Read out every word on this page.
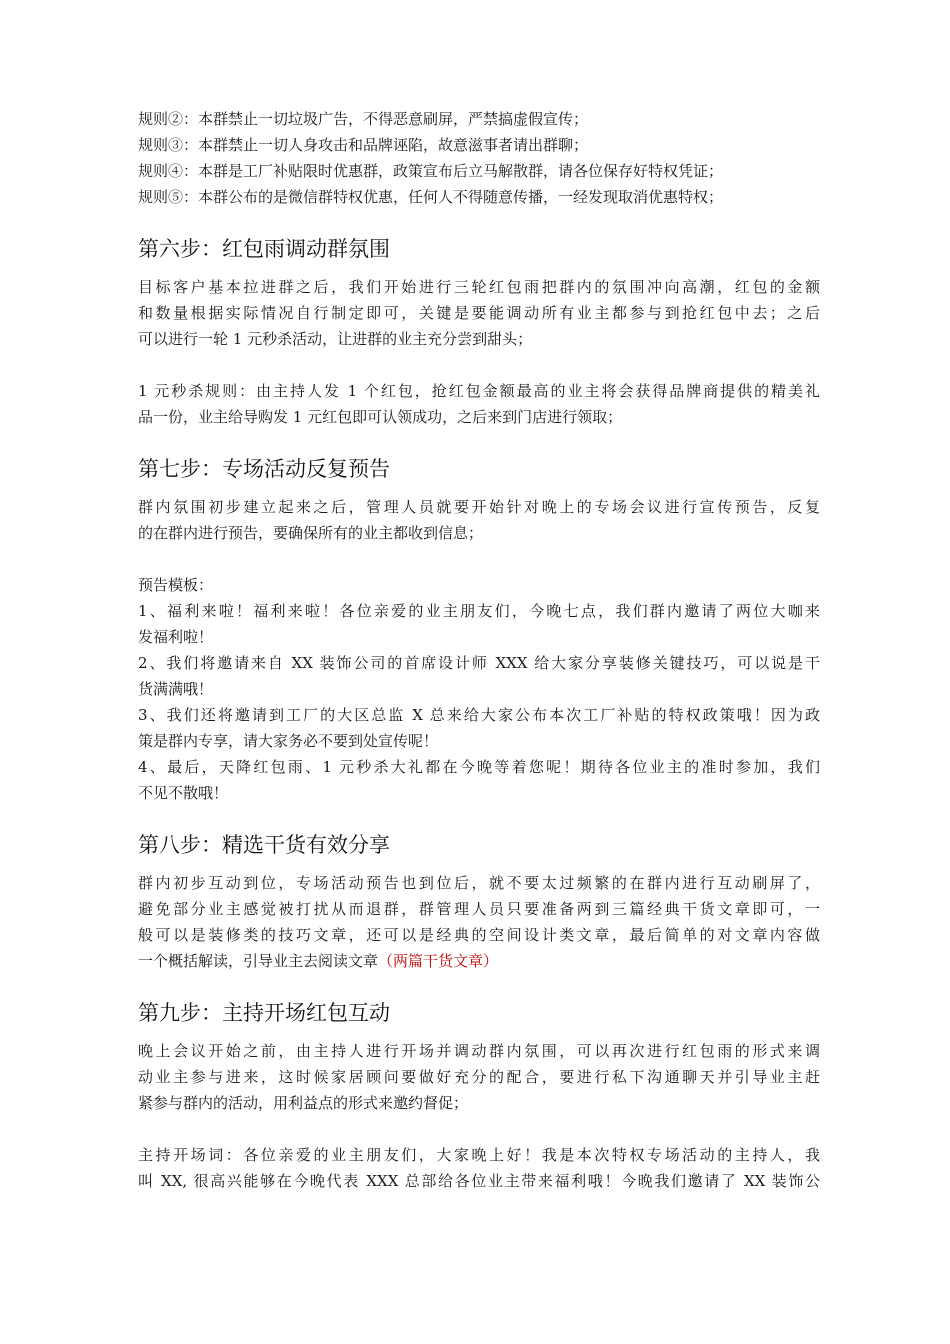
规则②：本群禁止一切垃圾广告，不得恶意刷屏，严禁搞虚假宣传；
规则③：本群禁止一切人身攻击和品牌诬陷，故意滋事者请出群聊；
规则④：本群是工厂补贴限时优惠群，政策宣布后立马解散群，请各位保存好特权凭证；
规则⑤：本群公布的是微信群特权优惠，任何人不得随意传播，一经发现取消优惠特权；
第六步：红包雨调动群氛围
目标客户基本拉进群之后，我们开始进行三轮红包雨把群内的氛围冲向高潮，红包的金额
和数量根据实际情况自行制定即可，关键是要能调动所有业主都参与到抢红包中去；之后
可以进行一轮 1 元秒杀活动，让进群的业主充分尝到甜头；
1 元秒杀规则：由主持人发 1 个红包，抢红包金额最高的业主将会获得品牌商提供的精美礼
品一份，业主给导购发 1 元红包即可认领成功，之后来到门店进行领取；
第七步：专场活动反复预告
群内氛围初步建立起来之后，管理人员就要开始针对晚上的专场会议进行宣传预告，反复
的在群内进行预告，要确保所有的业主都收到信息；
预告模板：
1、福利来啦！福利来啦！各位亲爱的业主朋友们，今晚七点，我们群内邀请了两位大咖来
发福利啦！
2、我们将邀请来自 XX 装饰公司的首席设计师 XXX 给大家分享装修关键技巧，可以说是干
货满满哦！
3、我们还将邀请到工厂的大区总监 X 总来给大家公布本次工厂补贴的特权政策哦！因为政
策是群内专享，请大家务必不要到处宣传呢！
4、最后，天降红包雨、1 元秒杀大礼都在今晚等着您呢！期待各位业主的准时参加，我们
不见不散哦！
第八步：精选干货有效分享
群内初步互动到位，专场活动预告也到位后，就不要太过频繁的在群内进行互动刷屏了，
避免部分业主感觉被打扰从而退群，群管理人员只要准备两到三篇经典干货文章即可，一
般可以是装修类的技巧文章，还可以是经典的空间设计类文章，最后简单的对文章内容做
一个概括解读，引导业主去阅读文章（两篇干货文章）
第九步：主持开场红包互动
晚上会议开始之前，由主持人进行开场并调动群内氛围，可以再次进行红包雨的形式来调
动业主参与进来，这时候家居顾问要做好充分的配合，要进行私下沟通聊天并引导业主赶
紧参与群内的活动，用利益点的形式来邀约督促；
主持开场词：各位亲爱的业主朋友们，大家晚上好！我是本次特权专场活动的主持人，我
叫 XX, 很高兴能够在今晚代表 XXX 总部给各位业主带来福利哦！今晚我们邀请了 XX 装饰公
